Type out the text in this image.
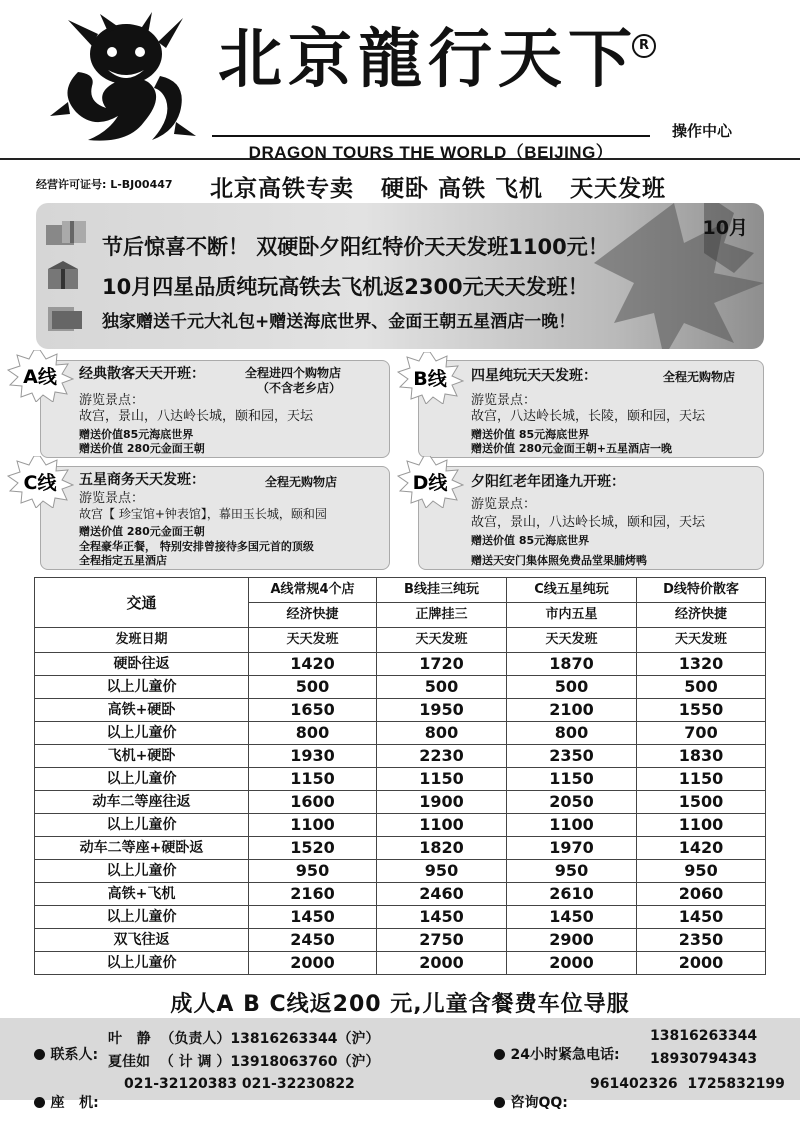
北京龍行天下 R
DRAGON TOURS THE WORLD（BEIJING）
操作中心
经营许可证号: L-BJ00447 北京高铁专卖   硬卧 高铁 飞机   天天发班
10月
节后惊喜不断！ 双硬卧夕阳红特价天天发班1100元！
10月四星品质纯玩高铁去飞机返2300元天天发班！
独家赠送千元大礼包+赠送海底世界、金面王朝五星酒店一晚！
经典散客天天开班：	全程进四个购物店
（不含老乡店）
游览景点：
故宫，景山，八达岭长城，颐和园，天坛
赠送价值85元海底世界
赠送价值 280元金面王朝
四星纯玩天天发班：	全程无购物店
游览景点：
故宫，八达岭长城，长陵，颐和园，天坛
赠送价值 85元海底世界
赠送价值 280元金面王朝+五星酒店一晚
五星商务天天发班：	全程无购物店
游览景点：
故宫【 珍宝馆+钟表馆】，幕田玉长城，颐和园
赠送价值 280元金面王朝
全程豪华正餐， 特别安排曾接待多国元首的顶级
全程指定五星酒店
夕阳红老年团逢九开班：
游览景点：
故宫，景山，八达岭长城，颐和园，天坛
赠送价值 85元海底世界
赠送天安门集体照免费品堂果脯烤鸭
A线	B线
C线	D线
交通	A线常规4个店	B线挂三纯玩	C线五星纯玩	D线特价散客
	经济快捷	正牌挂三	市内五星	经济快捷
发班日期	天天发班	天天发班	天天发班	天天发班
硬卧往返	1420	1720	1870	1320
以上儿童价	500	500	500	500
高铁+硬卧	1650	1950	2100	1550
以上儿童价	800	800	800	700
飞机+硬卧	1930	2230	2350	1830
以上儿童价	1150	1150	1150	1150
动车二等座往返	1600	1900	2050	1500
以上儿童价	1100	1100	1100	1100
动车二等座+硬卧返	1520	1820	1970	1420
以上儿童价	950	950	950	950
高铁+飞机	2160	2460	2610	2060
以上儿童价	1450	1450	1450	1450
双飞往返	2450	2750	2900	2350
以上儿童价	2000	2000	2000	2000
成人A B C线返200 元,儿童含餐费车位导服

联系人:

叶   静  （负责人）13816263344（沪）
夏佳如  （ 计 调 ）13918063760（沪）

座   机:

021-32120383 021-32230822

24小时紧急电话:

13816263344
18930794343

咨询QQ:

961402326  1725832199
